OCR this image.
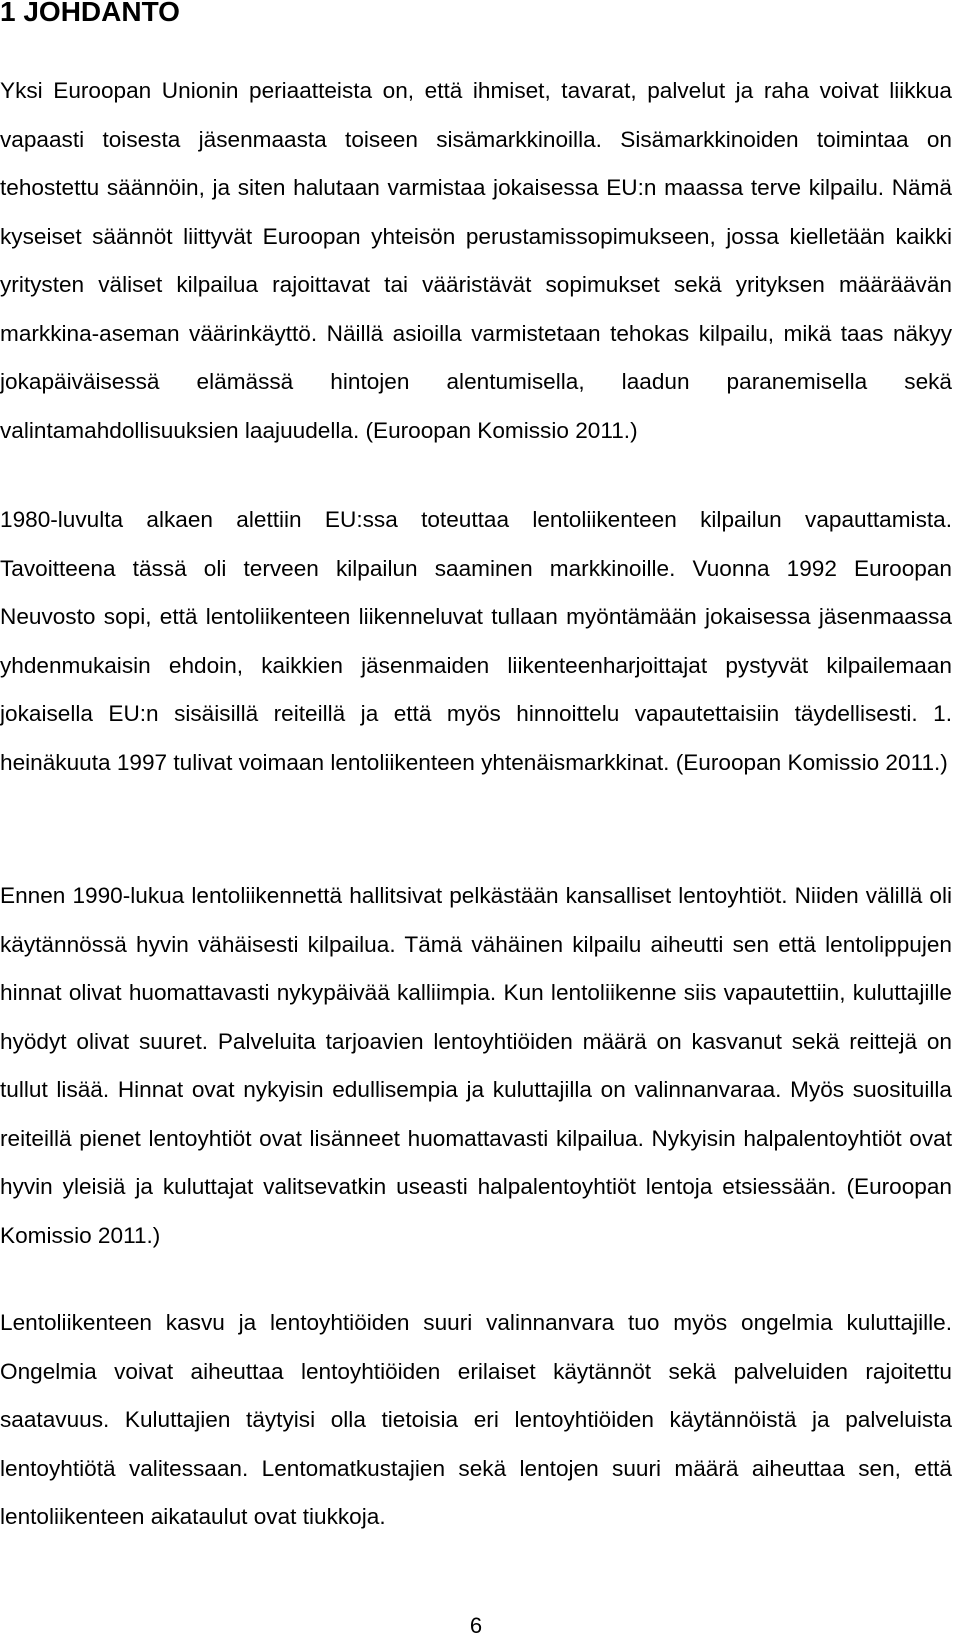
1 JOHDANTO

Yksi Euroopan Unionin periaatteista on, että ihmiset, tavarat, palvelut ja raha voivat liikkua vapaasti toisesta jäsenmaasta toiseen sisämarkkinoilla. Sisämarkkinoiden toimintaa on tehostettu säännöin, ja siten halutaan varmistaa jokaisessa EU:n maassa terve kilpailu. Nämä kyseiset säännöt liittyvät Euroopan yhteisön perustamissopimukseen, jossa kielletään kaikki yritysten väliset kilpailua rajoittavat tai vääristävät sopimukset sekä yrityksen määräävän markkina-aseman väärinkäyttö. Näillä asioilla varmistetaan tehokas kilpailu, mikä taas näkyy jokapäiväisessä elämässä hintojen alentumisella, laadun paranemisella sekä valintamahdollisuuksien laajuudella. (Euroopan Komissio 2011.)

1980-luvulta alkaen alettiin EU:ssa toteuttaa lentoliikenteen kilpailun vapauttamista. Tavoitteena tässä oli terveen kilpailun saaminen markkinoille. Vuonna 1992 Euroopan Neuvosto sopi, että lentoliikenteen liikenneluvat tullaan myöntämään jokaisessa jäsenmaassa yhdenmukaisin ehdoin, kaikkien jäsenmaiden liikenteenharjoittajat pystyvät kilpailemaan jokaisella EU:n sisäisillä reiteillä ja että myös hinnoittelu vapautettaisiin täydellisesti. 1. heinäkuuta 1997 tulivat voimaan lentoliikenteen yhtenäismarkkinat. (Euroopan Komissio 2011.)

Ennen 1990-lukua lentoliikennettä hallitsivat pelkästään kansalliset lentoyhtiöt. Niiden välillä oli käytännössä hyvin vähäisesti kilpailua. Tämä vähäinen kilpailu aiheutti sen että lentolippujen hinnat olivat huomattavasti nykypäivää kalliimpia. Kun lentoliikenne siis vapautettiin, kuluttajille hyödyt olivat suuret. Palveluita tarjoavien lentoyhtiöiden määrä on kasvanut sekä reittejä on tullut lisää. Hinnat ovat nykyisin edullisempia ja kuluttajilla on valinnanvaraa. Myös suosituilla reiteillä pienet lentoyhtiöt ovat lisänneet huomattavasti kilpailua. Nykyisin halpalentoyhtiöt ovat hyvin yleisiä ja kuluttajat valitsevatkin useasti halpalentoyhtiöt lentoja etsiessään. (Euroopan Komissio 2011.)

Lentoliikenteen kasvu ja lentoyhtiöiden suuri valinnanvara tuo myös ongelmia kuluttajille. Ongelmia voivat aiheuttaa lentoyhtiöiden erilaiset käytännöt sekä palveluiden rajoitettu saatavuus. Kuluttajien täytyisi olla tietoisia eri lentoyhtiöiden käytännöistä ja palveluista lentoyhtiötä valitessaan. Lentomatkustajien sekä lentojen suuri määrä aiheuttaa sen, että lentoliikenteen aikataulut ovat tiukkoja.

6
